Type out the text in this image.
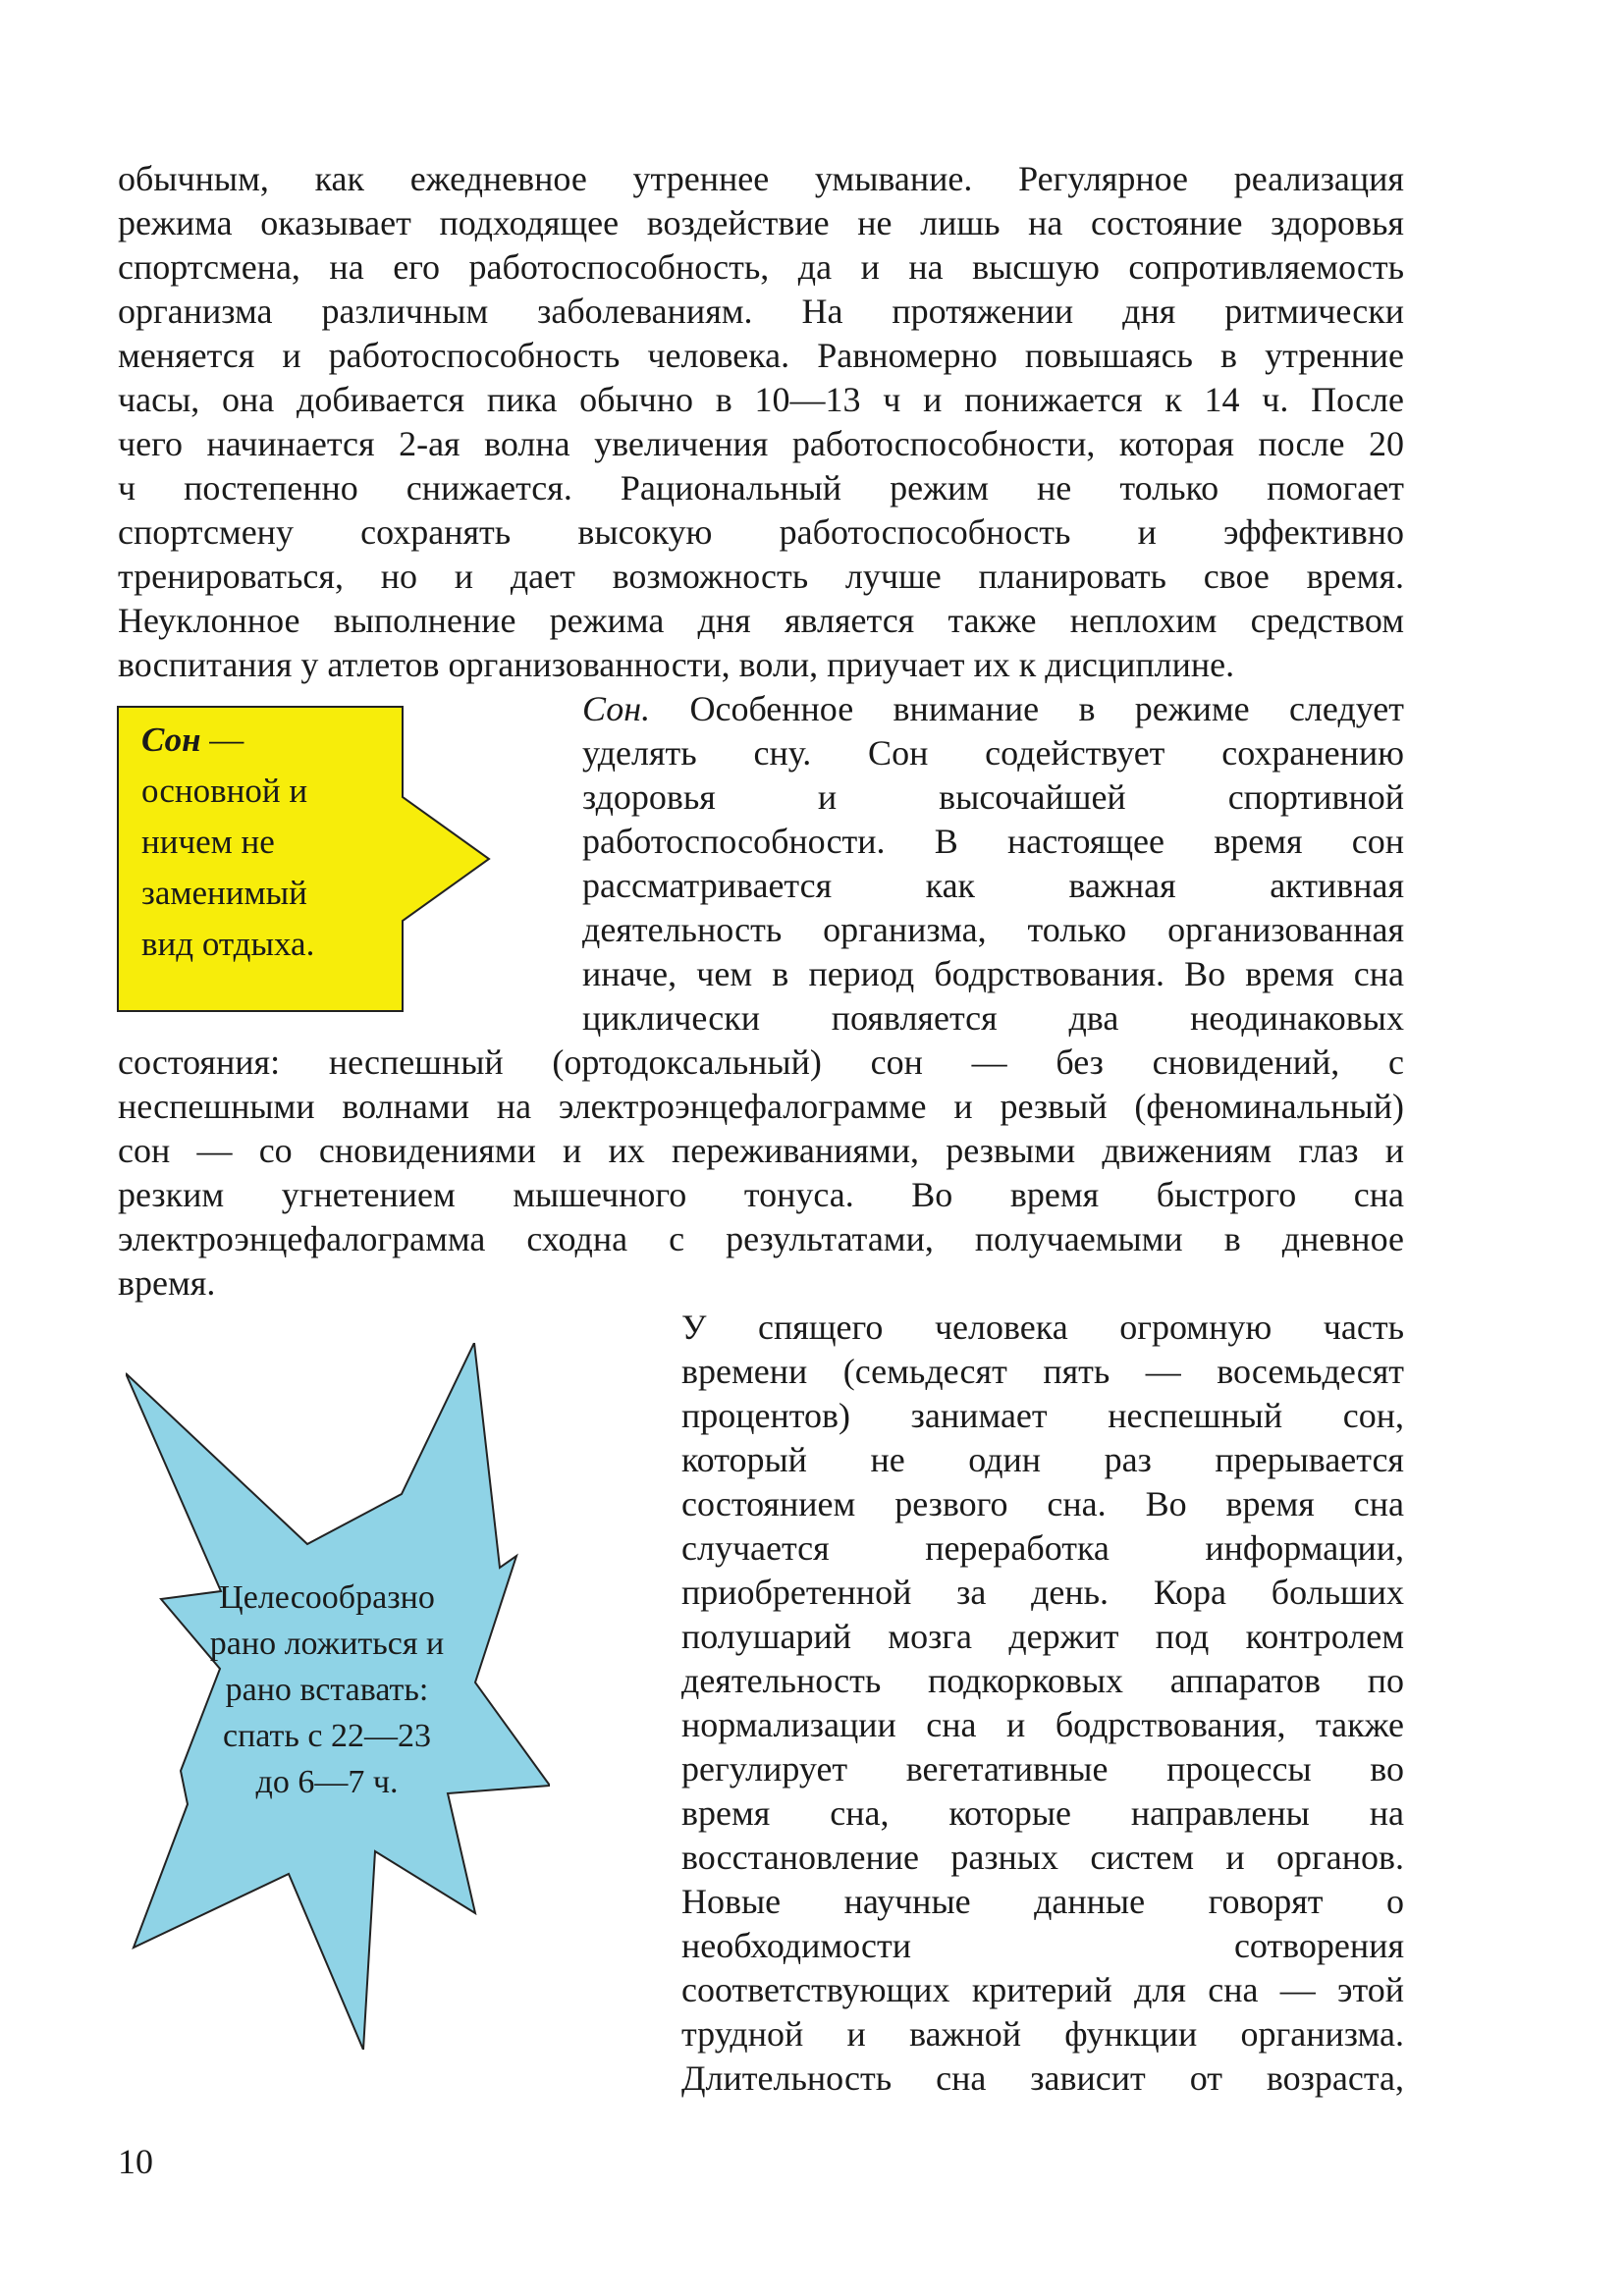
обычным, как ежедневное утреннее умывание. Регулярное реализация
режима оказывает подходящее воздействие не лишь на состояние здоровья
спортсмена, на его работоспособность, да и на высшую сопротивляемость
организма различным заболеваниям. На протяжении дня ритмически
меняется и работоспособность человека. Равномерно повышаясь в утренние
часы, она добивается пика обычно в 10—13 ч и понижается к 14 ч. После
чего начинается 2-ая волна увеличения работоспособности, которая после 20
ч постепенно снижается. Рациональный режим не только помогает
спортсмену сохранять высокую работоспособность и эффективно
тренироваться, но и дает возможность лучше планировать свое время.
Неуклонное выполнение режима дня является также неплохим средством
воспитания у атлетов организованности, воли, приучает их к дисциплине.
Сон —
основной и
ничем не
заменимый
вид отдыха.
Сон. Особенное внимание в режиме следует
уделять сну. Сон содействует сохранению
здоровья и высочайшей спортивной
работоспособности. В настоящее время сон
рассматривается как важная активная
деятельность организма, только организованная
иначе, чем в период бодрствования. Во время сна
циклически появляется два неодинаковых
состояния: неспешный (ортодоксальный) сон — без сновидений, с
неспешными волнами на электроэнцефалограмме и резвый (феноминальный)
сон — со сновидениями и их переживаниями, резвыми движениям глаз и
резким угнетением мышечного тонуса. Во время быстрого сна
электроэнцефалограмма сходна с результатами, получаемыми в дневное
время.
Целесообразно
рано ложиться и
рано вставать:
спать с 22—23
до 6—7 ч.
У спящего человека огромную часть
времени (семьдесят пять — восемьдесят
процентов) занимает неспешный сон,
который не один раз прерывается
состоянием резвого сна. Во время сна
случается переработка информации,
приобретенной за день. Кора больших
полушарий мозга держит под контролем
деятельность подкорковых аппаратов по
нормализации сна и бодрствования, также
регулирует вегетативные процессы во
время сна, которые направлены на
восстановление разных систем и органов.
Новые научные данные говорят о
необходимости сотворения
соответствующих критерий для сна — этой
трудной и важной функции организма.
Длительность сна зависит от возраста,
10
